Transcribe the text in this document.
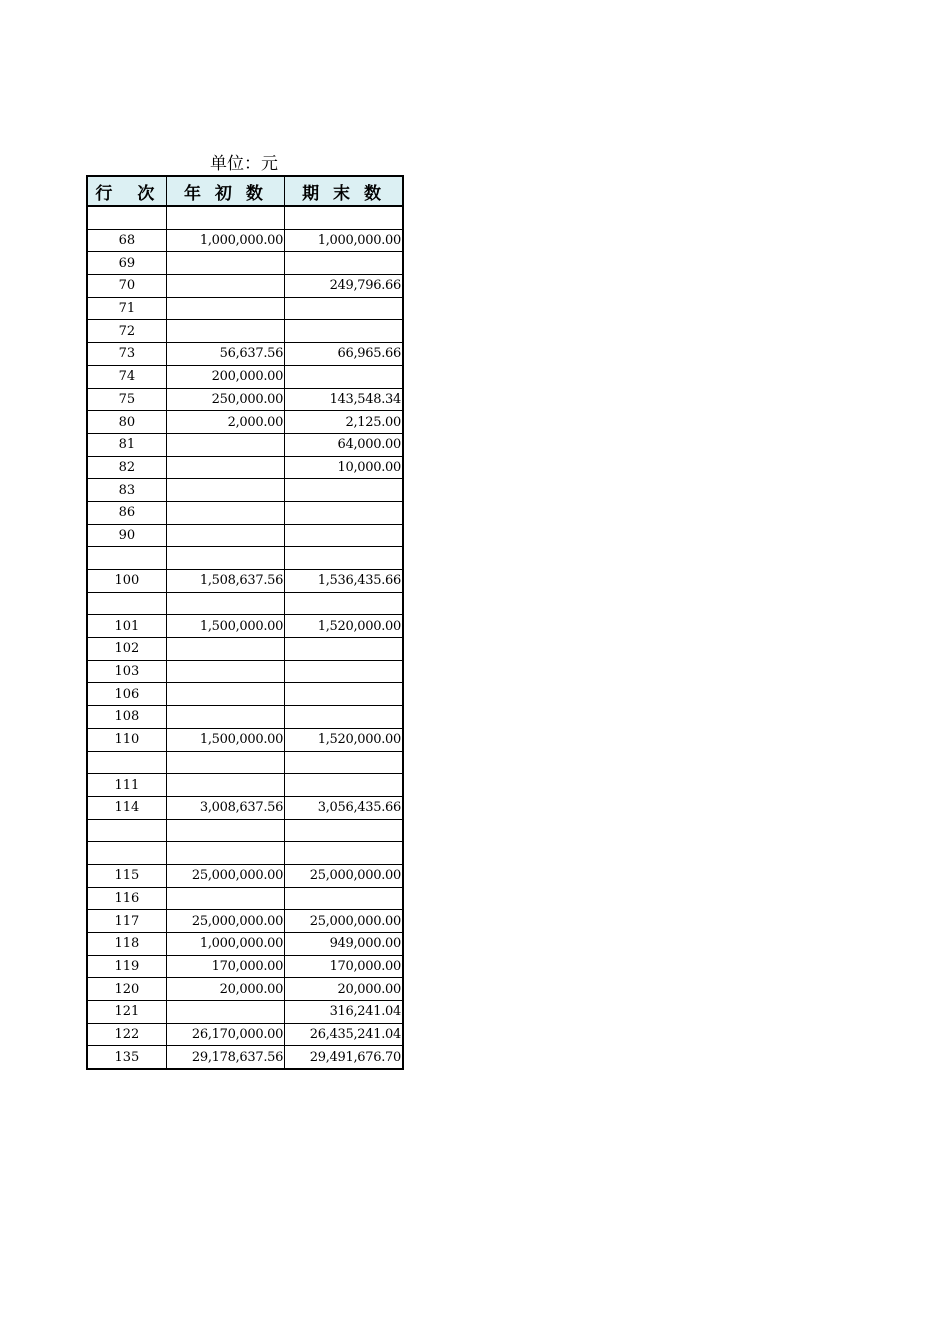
单位：元
行　次	年 初 数	期 末 数

68	1,000,000.00	1,000,000.00
69		
70		249,796.66
71		
72		
73	56,637.56	66,965.66
74	200,000.00	
75	250,000.00	143,548.34
80	2,000.00	2,125.00
81		64,000.00
82		10,000.00
83		
86		
90		

100	1,508,637.56	1,536,435.66

101	1,500,000.00	1,520,000.00
102		
103		
106		
108		
110	1,500,000.00	1,520,000.00

111		
114	3,008,637.56	3,056,435.66

115	25,000,000.00	25,000,000.00
116		
117	25,000,000.00	25,000,000.00
118	1,000,000.00	949,000.00
119	170,000.00	170,000.00
120	20,000.00	20,000.00
121		316,241.04
122	26,170,000.00	26,435,241.04
135	29,178,637.56	29,491,676.70
